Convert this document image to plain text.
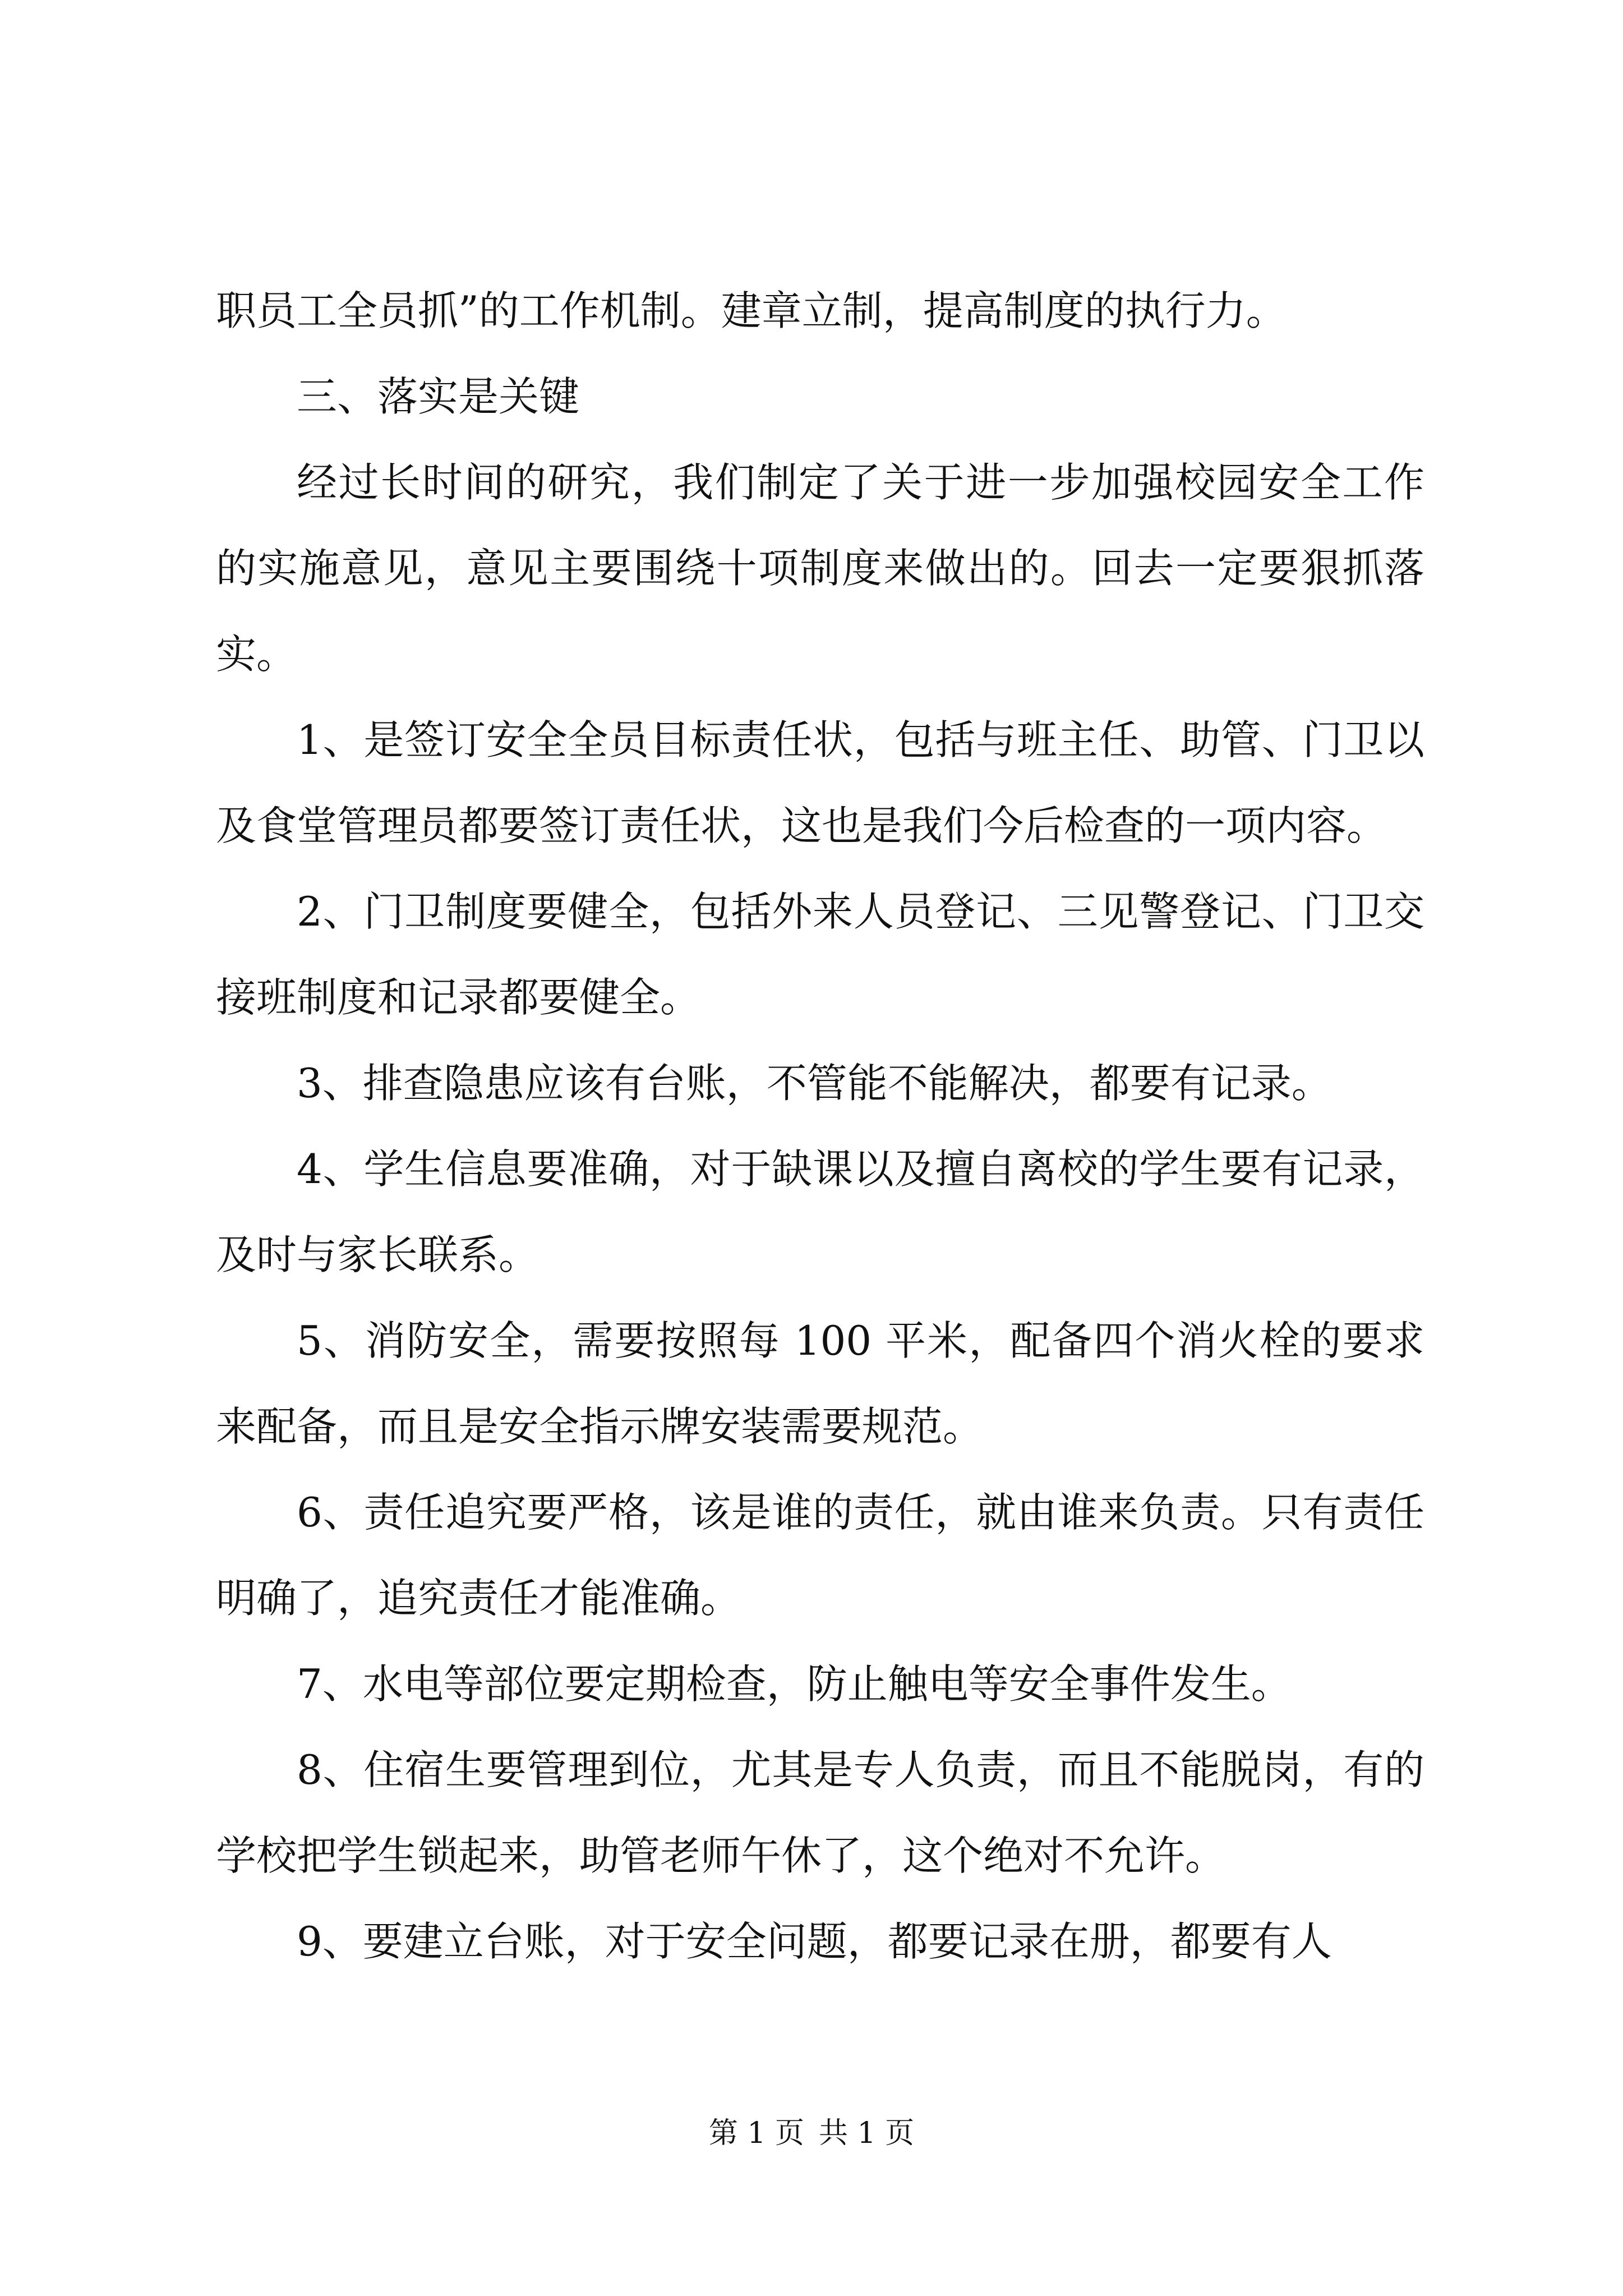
职员工全员抓”的工作机制。建章立制，提高制度的执行力。

三、落实是关键

经过长时间的研究，我们制定了关于进一步加强校园安全工作的实施意见，意见主要围绕十项制度来做出的。回去一定要狠抓落实。

1、是签订安全全员目标责任状，包括与班主任、助管、门卫以及食堂管理员都要签订责任状，这也是我们今后检查的一项内容。

2、门卫制度要健全，包括外来人员登记、三见警登记、门卫交接班制度和记录都要健全。

3、排查隐患应该有台账，不管能不能解决，都要有记录。

4、学生信息要准确，对于缺课以及擅自离校的学生要有记录，及时与家长联系。

5、消防安全，需要按照每 100 平米，配备四个消火栓的要求来配备，而且是安全指示牌安装需要规范。

6、责任追究要严格，该是谁的责任，就由谁来负责。只有责任明确了，追究责任才能准确。

7、水电等部位要定期检查，防止触电等安全事件发生。

8、住宿生要管理到位，尤其是专人负责，而且不能脱岗，有的学校把学生锁起来，助管老师午休了，这个绝对不允许。

9、要建立台账，对于安全问题，都要记录在册，都要有人

第 1 页 共 1 页
